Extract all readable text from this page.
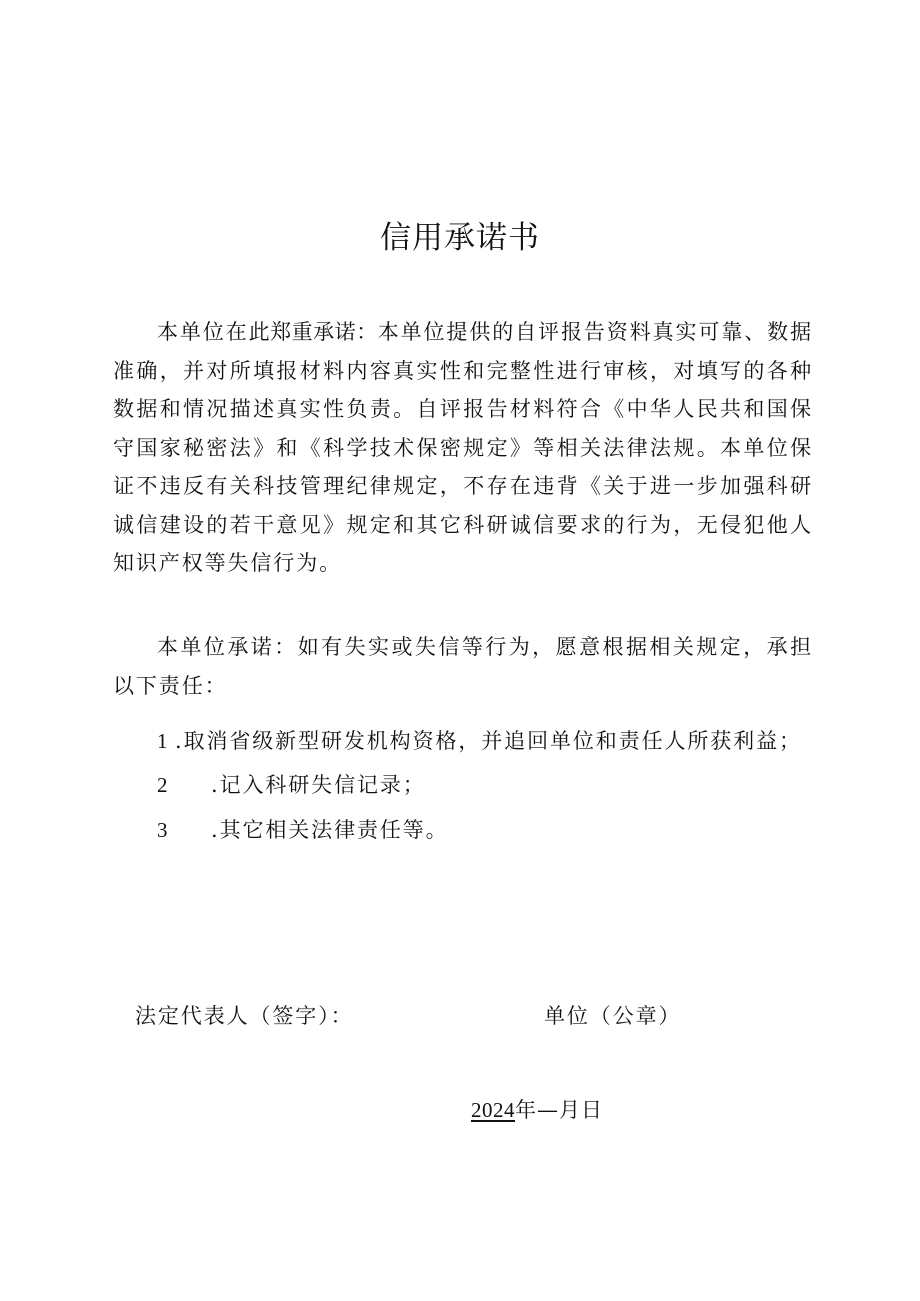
信用承诺书
本单位在此郑重承诺：本单位提供的自评报告资料真实可靠、数据准确，并对所填报材料内容真实性和完整性进行审核，对填写的各种数据和情况描述真实性负责。自评报告材料符合《中华人民共和国保守国家秘密法》和《科学技术保密规定》等相关法律法规。本单位保证不违反有关科技管理纪律规定，不存在违背《关于进一步加强科研诚信建设的若干意见》规定和其它科研诚信要求的行为，无侵犯他人知识产权等失信行为。
本单位承诺：如有失实或失信等行为，愿意根据相关规定，承担以下责任：
1 .取消省级新型研发机构资格，并追回单位和责任人所获利益；
2 .记入科研失信记录；
3 .其它相关法律责任等。
法定代表人（签字）：	单位（公章）
2024年—月日
